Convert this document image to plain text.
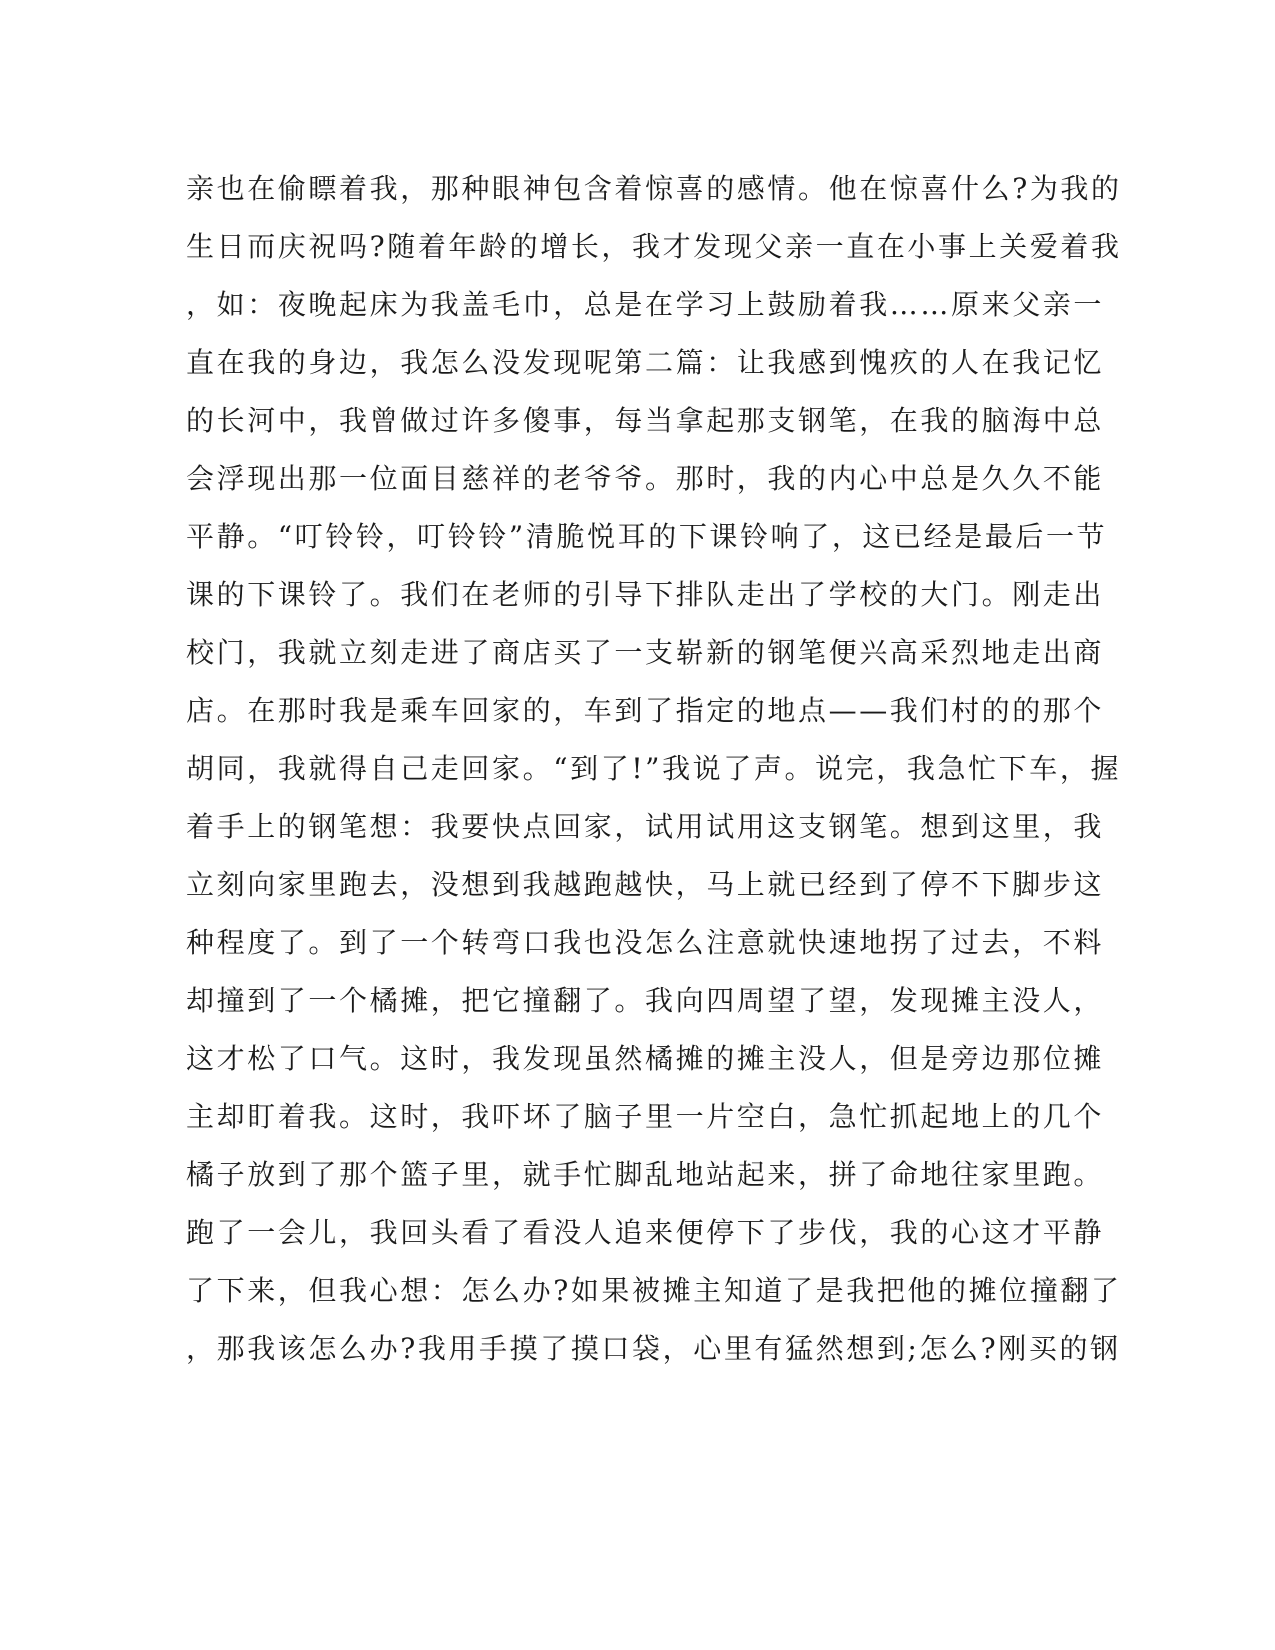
亲也在偷瞟着我，那种眼神包含着惊喜的感情。他在惊喜什么?为我的
生日而庆祝吗?随着年龄的增长，我才发现父亲一直在小事上关爱着我
，如：夜晚起床为我盖毛巾，总是在学习上鼓励着我……原来父亲一
直在我的身边，我怎么没发现呢第二篇：让我感到愧疚的人在我记忆
的长河中，我曾做过许多傻事，每当拿起那支钢笔，在我的脑海中总
会浮现出那一位面目慈祥的老爷爷。那时，我的内心中总是久久不能
平静。“叮铃铃，叮铃铃”清脆悦耳的下课铃响了，这已经是最后一节
课的下课铃了。我们在老师的引导下排队走出了学校的大门。刚走出
校门，我就立刻走进了商店买了一支崭新的钢笔便兴高采烈地走出商
店。在那时我是乘车回家的，车到了指定的地点——我们村的的那个
胡同，我就得自己走回家。“到了!”我说了声。说完，我急忙下车，握
着手上的钢笔想：我要快点回家，试用试用这支钢笔。想到这里，我
立刻向家里跑去，没想到我越跑越快，马上就已经到了停不下脚步这
种程度了。到了一个转弯口我也没怎么注意就快速地拐了过去，不料
却撞到了一个橘摊，把它撞翻了。我向四周望了望，发现摊主没人，
这才松了口气。这时，我发现虽然橘摊的摊主没人，但是旁边那位摊
主却盯着我。这时，我吓坏了脑子里一片空白，急忙抓起地上的几个
橘子放到了那个篮子里，就手忙脚乱地站起来，拼了命地往家里跑。
跑了一会儿，我回头看了看没人追来便停下了步伐，我的心这才平静
了下来，但我心想：怎么办?如果被摊主知道了是我把他的摊位撞翻了
，那我该怎么办?我用手摸了摸口袋，心里有猛然想到;怎么?刚买的钢
